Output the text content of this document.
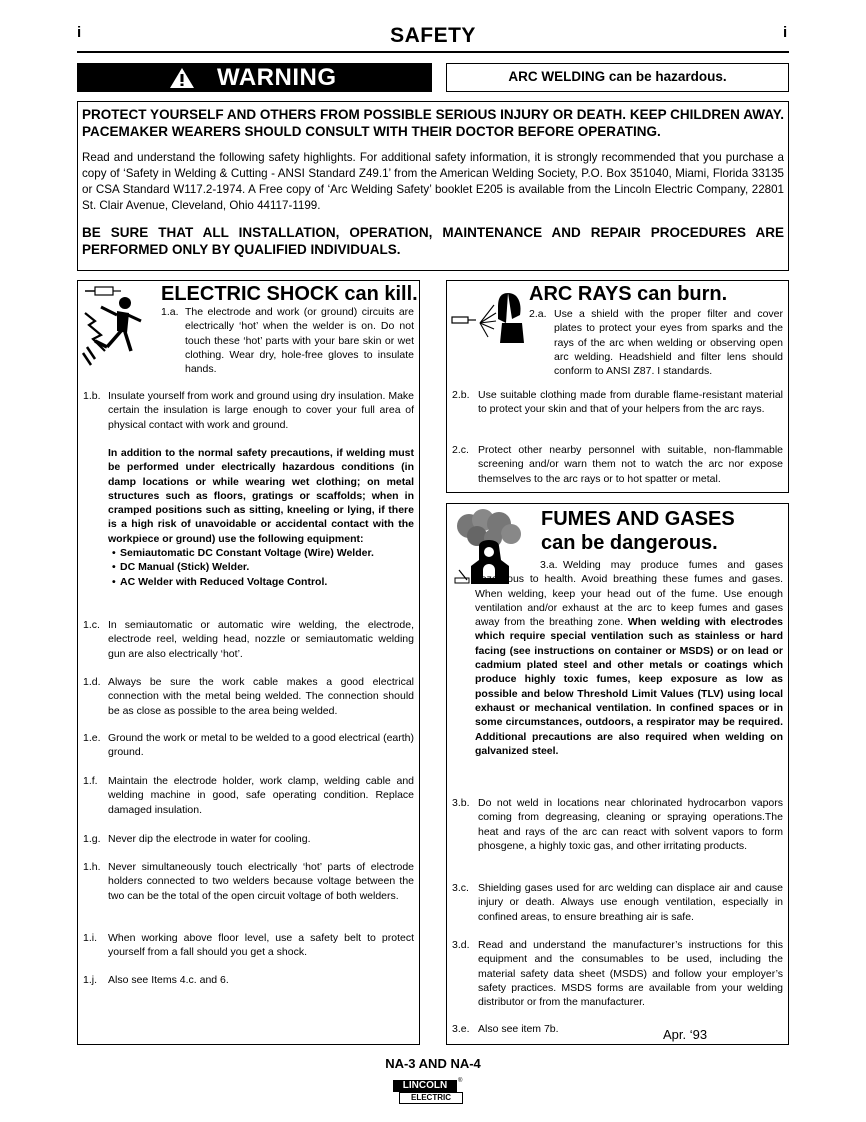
i	i
SAFETY
WARNING	ARC WELDING can be hazardous.

PROTECT YOURSELF AND OTHERS FROM POSSIBLE SERIOUS INJURY OR DEATH. KEEP CHILDREN AWAY. PACEMAKER WEARERS SHOULD CONSULT WITH THEIR DOCTOR BEFORE OPERATING.

Read and understand the following safety highlights. For additional safety information, it is strongly recommended that you purchase a copy of ‘Safety in Welding & Cutting - ANSI Standard Z49.1’ from the American Welding Society, P.O. Box 351040, Miami, Florida 33135 or CSA Standard W117.2-1974. A Free copy of ‘Arc Welding Safety’ booklet E205 is available from the Lincoln Electric Company, 22801 St. Clair Avenue, Cleveland, Ohio 44117-1199.

BE SURE THAT ALL INSTALLATION, OPERATION, MAINTENANCE AND REPAIR PROCEDURES ARE PERFORMED ONLY BY QUALIFIED INDIVIDUALS.

ELECTRIC SHOCK can kill.
1.a. The electrode and work (or ground) circuits are electrically ‘hot’ when the welder is on. Do not touch these ‘hot’ parts with your bare skin or wet clothing. Wear dry, hole-free gloves to insulate hands.
1.b. Insulate yourself from work and ground using dry insulation. Make certain the insulation is large enough to cover your full area of physical contact with work and ground.
In addition to the normal safety precautions, if welding must be performed under electrically hazardous conditions (in damp locations or while wearing wet clothing; on metal structures such as floors, gratings or scaffolds; when in cramped positions such as sitting, kneeling or lying, if there is a high risk of unavoidable or accidental contact with the workpiece or ground) use the following equipment:
• Semiautomatic DC Constant Voltage (Wire) Welder.
• DC Manual (Stick) Welder.
• AC Welder with Reduced Voltage Control.
1.c. In semiautomatic or automatic wire welding, the electrode, electrode reel, welding head, nozzle or semiautomatic welding gun are also electrically ‘hot’.
1.d. Always be sure the work cable makes a good electrical connection with the metal being welded. The connection should be as close as possible to the area being welded.
1.e. Ground the work or metal to be welded to a good electrical (earth) ground.
1.f. Maintain the electrode holder, work clamp, welding cable and welding machine in good, safe operating condition. Replace damaged insulation.
1.g. Never dip the electrode in water for cooling.
1.h. Never simultaneously touch electrically ‘hot’ parts of electrode holders connected to two welders because voltage between the two can be the total of the open circuit voltage of both welders.
1.i. When working above floor level, use a safety belt to protect yourself from a fall should you get a shock.
1.j. Also see Items 4.c. and 6.
ARC RAYS can burn.
2.a. Use a shield with the proper filter and cover plates to protect your eyes from sparks and the rays of the arc when welding or observing open arc welding. Headshield and filter lens should conform to ANSI Z87. I standards.
2.b. Use suitable clothing made from durable flame-resistant material to protect your skin and that of your helpers from the arc rays.
2.c. Protect other nearby personnel with suitable, non-flammable screening and/or warn them not to watch the arc nor expose themselves to the arc rays or to hot spatter or metal.
FUMES AND GASES
can be dangerous.
3.a. Welding may produce fumes and gases hazardous to health. Avoid breathing these fumes and gases. When welding, keep your head out of the fume. Use enough ventilation and/or exhaust at the arc to keep fumes and gases away from the breathing zone. When welding with electrodes which require special ventilation such as stainless or hard facing (see instructions on container or MSDS) or on lead or cadmium plated steel and other metals or coatings which produce highly toxic fumes, keep exposure as low as possible and below Threshold Limit Values (TLV) using local exhaust or mechanical ventilation. In confined spaces or in some circumstances, outdoors, a respirator may be required. Additional precautions are also required when welding on galvanized steel.
3.b. Do not weld in locations near chlorinated hydrocarbon vapors coming from degreasing, cleaning or spraying operations.The heat and rays of the arc can react with solvent vapors to form phosgene, a highly toxic gas, and other irritating products.
3.c. Shielding gases used for arc welding can displace air and cause injury or death. Always use enough ventilation, especially in confined areas, to ensure breathing air is safe.
3.d. Read and understand the manufacturer’s instructions for this equipment and the consumables to be used, including the material safety data sheet (MSDS) and follow your employer’s safety practices. MSDS forms are available from your welding distributor or from the manufacturer.
3.e. Also see item 7b.	Apr. ‘93
NA-3 AND NA-4
LINCOLN	®
ELECTRIC
